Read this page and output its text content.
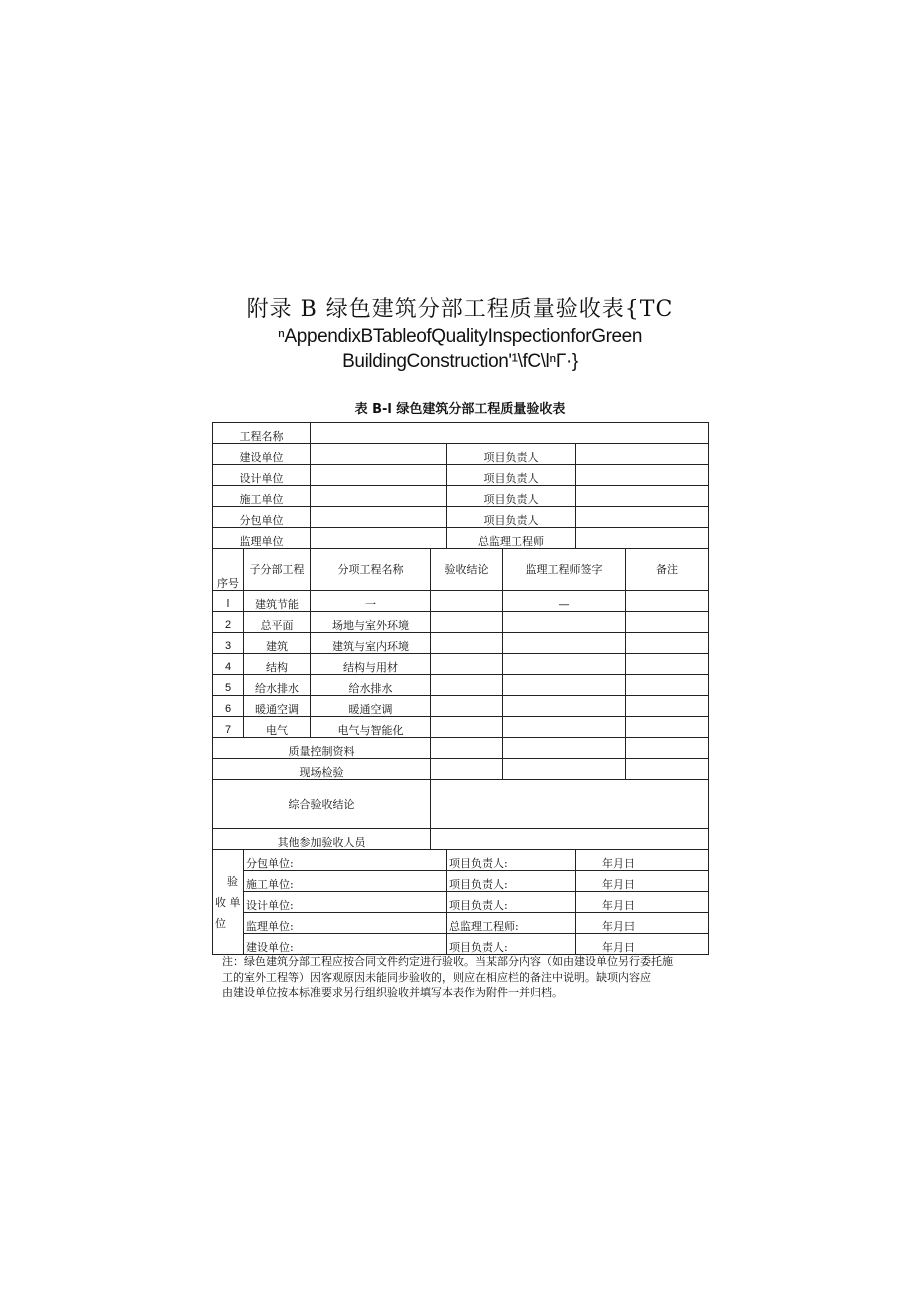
附录 B 绿色建筑分部工程质量验收表{TC
ⁿAppendixBTableofQualityInspectionforGreen
BuildingConstruction'¹\fC\lⁿΓ·}
表 B-l 绿色建筑分部工程质量验收表
工程名称							
建设单位				项目负责人			
设计单位				项目负责人			
施工单位				项目负责人			
分包单位				项目负责人			
监理单位				总监理工程师			
序号	子分部工程	分项工程名称	验收结论		监理工程师签字		备注
l	建筑节能	一			—		
2	总平面	场地与室外环境					
3	建筑	建筑与室内环境					
4	结构	结构与用材					
5	给水排水	给水排水					
6	暖通空调	暖通空调					
7	电气	电气与智能化					
质量控制资料							
现场检验							
综合验收结论							
其他参加验收人员							

验
收 单
位	分包单位:			项目负责人:		年月日	
	施工单位:			项目负责人:		年月日	
	设计单位:			项目负责人:		年月日	
	监理单位:			总监理工程师:		年月曰	
	建设单位:			项目负责人:		年月日	
注：绿色建筑分部工程应按合同文件约定进行验收。当某部分内容（如由建设单位另行委托施
工的室外工程等）因客观原因未能同步验收的，则应在相应栏的备注中说明。缺项内容应
由建设单位按本标准要求另行组织验收并填写本表作为附件一并归档。
